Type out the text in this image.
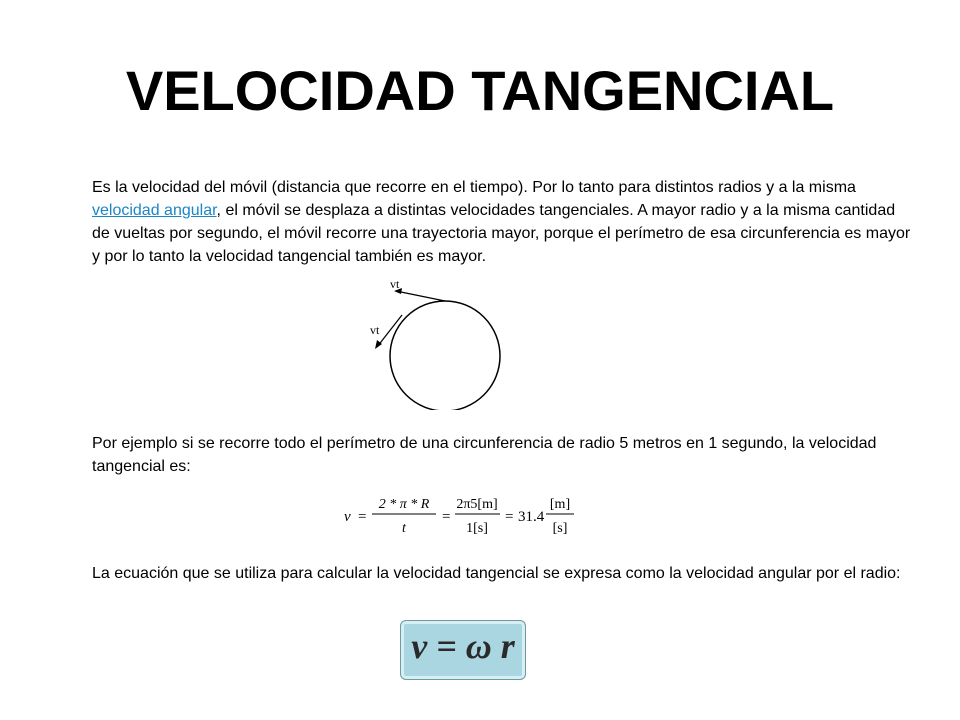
VELOCIDAD TANGENCIAL

Es la velocidad del móvil (distancia que recorre en el tiempo). Por lo tanto para distintos radios y a la misma velocidad angular, el móvil se desplaza a distintas velocidades tangenciales. A mayor radio y a la misma cantidad de vueltas por segundo, el móvil recorre una trayectoria mayor, porque el perímetro de esa circunferencia es mayor y por lo tanto la velocidad tangencial también es mayor.

vt
vt

Por ejemplo si se recorre todo el perímetro de una circunferencia de radio 5 metros en 1 segundo, la velocidad tangencial es:

v =
2 * π * R
t
=
2π5[m]
1[s]
= 31.4
[m]
[s]

La ecuación que se utiliza para calcular la velocidad tangencial se expresa como la velocidad angular por el radio:

ν = ω r
